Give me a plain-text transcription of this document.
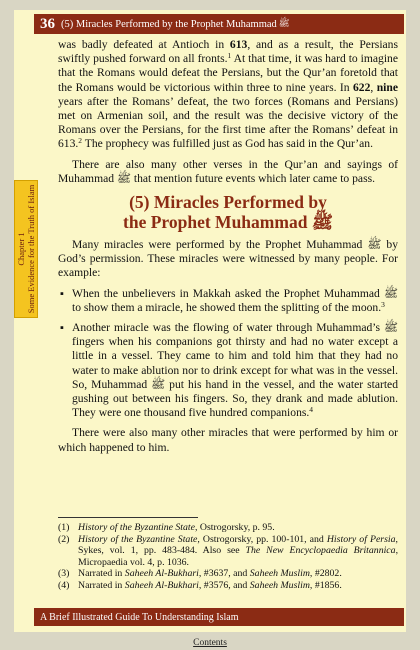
36 (5) Miracles Performed by the Prophet Muhammad ﷺ
Chapter 1 Some Evidence for the Truth of Islam

was badly defeated at Antioch in 613, and as a result, the Persians swiftly pushed forward on all fronts.$^1$ At that time, it was hard to imagine that the Romans would defeat the Persians, but the Qur’an foretold that the Romans would be victorious within three to nine years. In 622, nine years after the Romans’ defeat, the two forces (Romans and Persians) met on Armenian soil, and the result was the decisive victory of the Romans over the Persians, for the first time after the Romans’ defeat in 613.$^2$ The prophecy was fulfilled just as God has said in the Qur’an.

There are also many other verses in the Qur’an and sayings of Muhammad ﷺ that mention future events which later came to pass.

(5) Miracles Performed by
the Prophet Muhammad ﷺ

Many miracles were performed by the Prophet Muhammad ﷺ by God’s permission. These miracles were witnessed by many people. For example:

▪ When the unbelievers in Makkah asked the Prophet Muhammad ﷺ to show them a miracle, he showed them the splitting of the moon.$^3$
▪ Another miracle was the flowing of water through Muhammad’s ﷺ fingers when his companions got thirsty and had no water except a little in a vessel. They came to him and told him that they had no water to make ablution nor to drink except for what was in the vessel. So, Muhammad ﷺ put his hand in the vessel, and the water started gushing out between his fingers. So, they drank and made ablution. They were one thousand five hundred companions.$^4$

There were also many other miracles that were performed by him or which happened to him.

(1) History of the Byzantine State, Ostrogorsky, p. 95.
(2) History of the Byzantine State, Ostrogorsky, pp. 100-101, and History of Persia, Sykes, vol. 1, pp. 483-484. Also see The New Encyclopaedia Britannica, Micropaedia vol. 4, p. 1036.
(3) Narrated in Saheeh Al-Bukhari, #3637, and Saheeh Muslim, #2802.
(4) Narrated in Saheeh Al-Bukhari, #3576, and Saheeh Muslim, #1856.
A Brief Illustrated Guide To Understanding Islam
Contents
